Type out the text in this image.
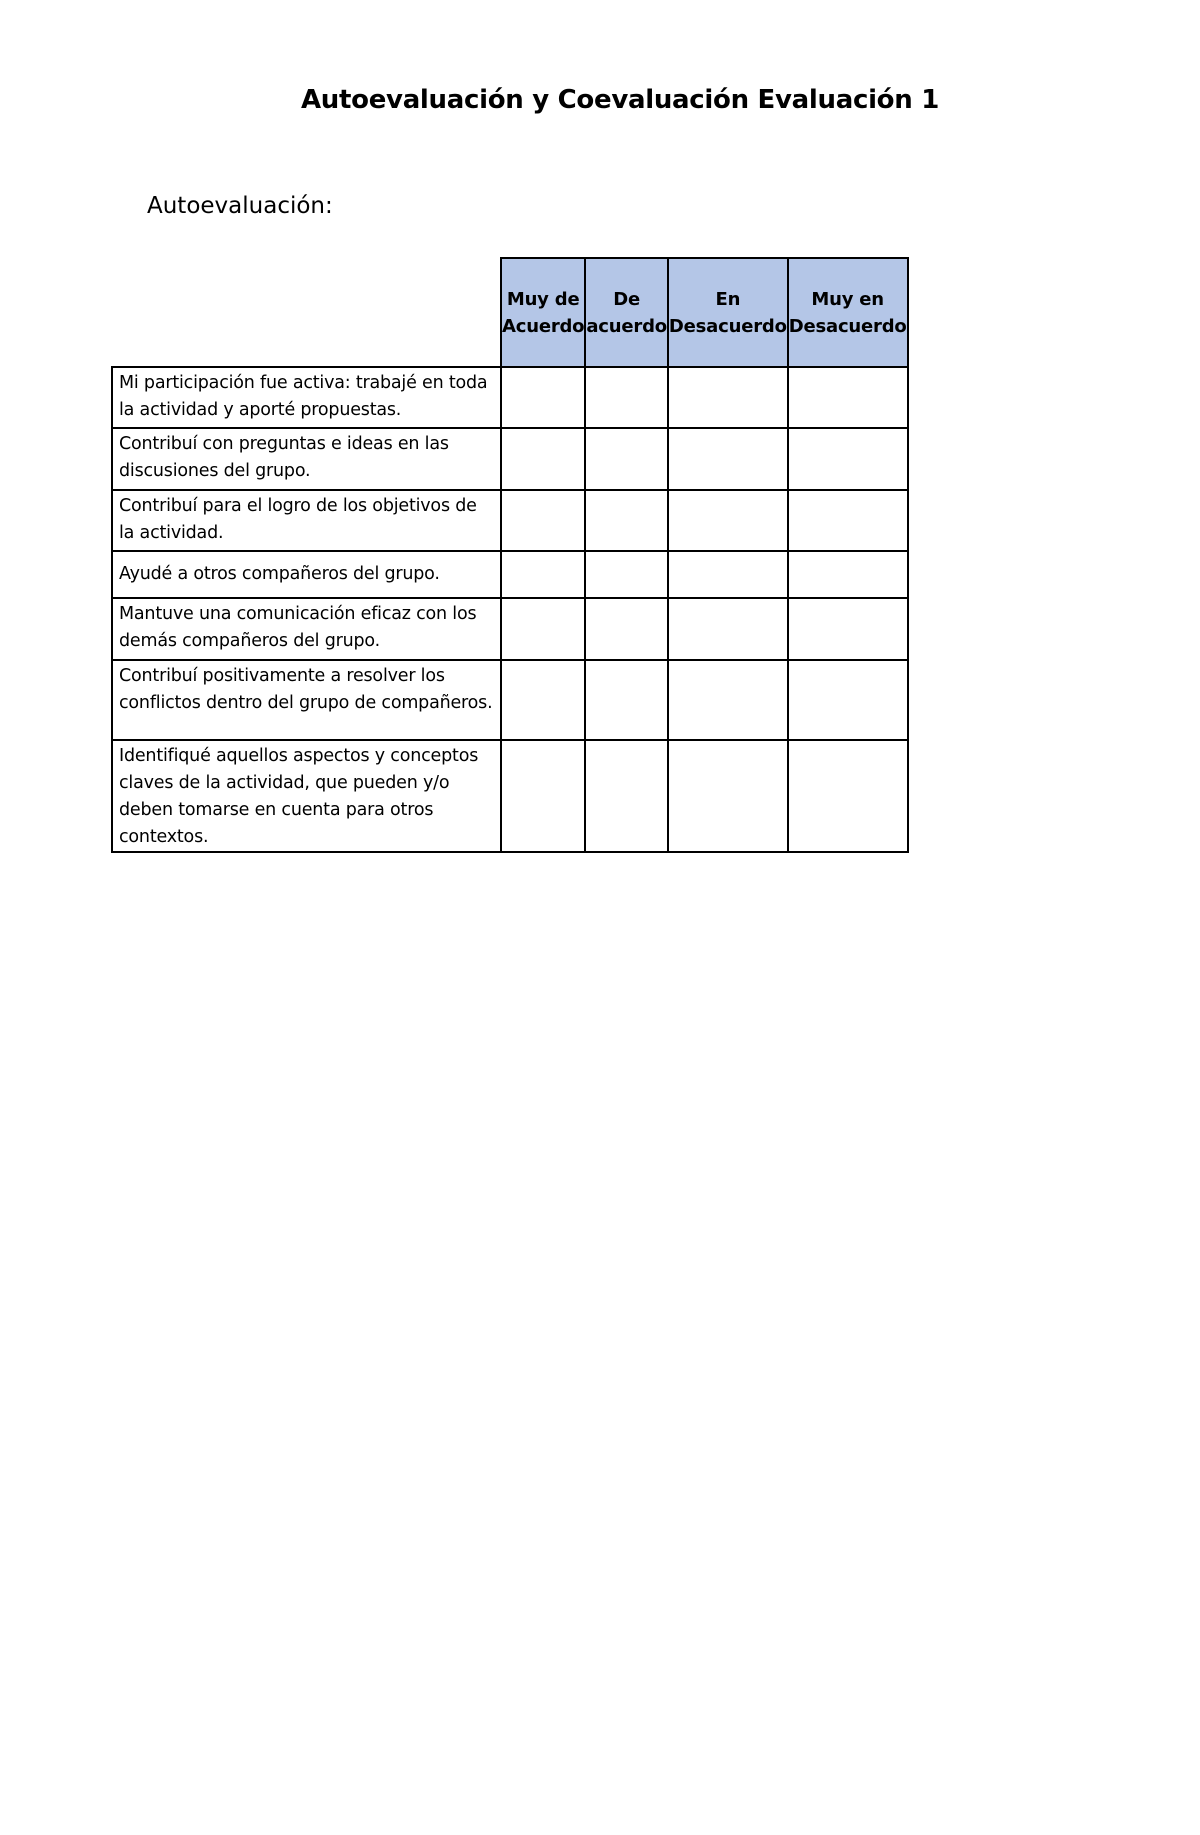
Autoevaluación y Coevaluación Evaluación 1
Autoevaluación:
	Muy de Acuerdo	De acuerdo	En Desacuerdo	Muy en Desacuerdo
Mi participación fue activa: trabajé en toda la actividad y aporté propuestas.				
Contribuí con preguntas e ideas en las discusiones del grupo.				
Contribuí para el logro de los objetivos de la actividad.				
Ayudé a otros compañeros del grupo.				
Mantuve una comunicación eficaz con los demás compañeros del grupo.				
Contribuí positivamente a resolver los conflictos dentro del grupo de compañeros.				
Identifiqué aquellos aspectos y conceptos claves de la actividad, que pueden y/o deben tomarse en cuenta para otros contextos.				
